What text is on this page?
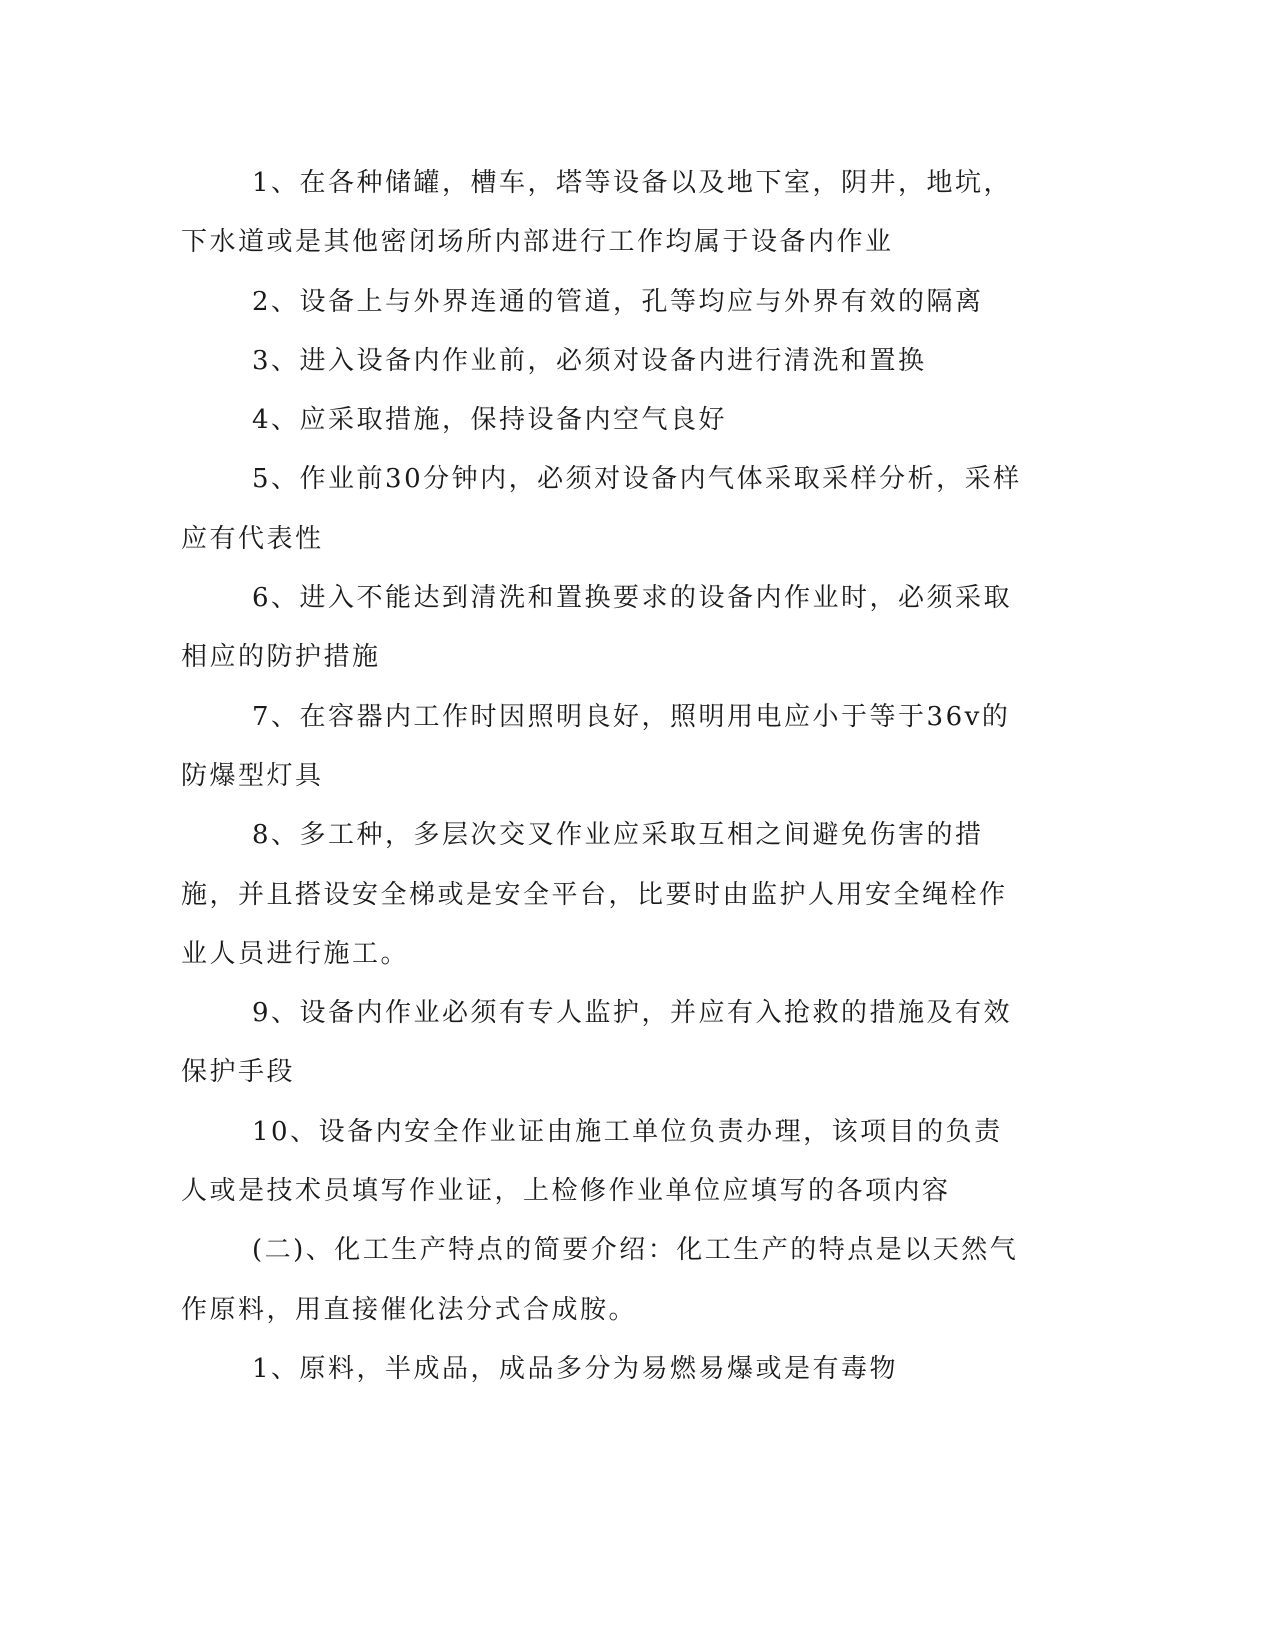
1、在各种储罐，槽车，塔等设备以及地下室，阴井，地坑，下水道或是其他密闭场所内部进行工作均属于设备内作业

2、设备上与外界连通的管道，孔等均应与外界有效的隔离

3、进入设备内作业前，必须对设备内进行清洗和置换

4、应采取措施，保持设备内空气良好

5、作业前30分钟内，必须对设备内气体采取采样分析，采样应有代表性

6、进入不能达到清洗和置换要求的设备内作业时，必须采取相应的防护措施

7、在容器内工作时因照明良好，照明用电应小于等于36v的防爆型灯具

8、多工种，多层次交叉作业应采取互相之间避免伤害的措施，并且搭设安全梯或是安全平台，比要时由监护人用安全绳栓作业人员进行施工。

9、设备内作业必须有专人监护，并应有入抢救的措施及有效保护手段

10、设备内安全作业证由施工单位负责办理，该项目的负责人或是技术员填写作业证，上检修作业单位应填写的各项内容

(二)、化工生产特点的简要介绍：化工生产的特点是以天然气作原料，用直接催化法分式合成胺。

1、原料，半成品，成品多分为易燃易爆或是有毒物
